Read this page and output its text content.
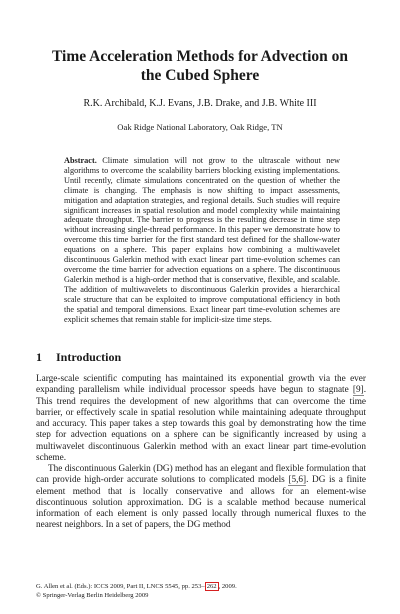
Time Acceleration Methods for Advection on
the Cubed Sphere
R.K. Archibald, K.J. Evans, J.B. Drake, and J.B. White III
Oak Ridge National Laboratory, Oak Ridge, TN
Abstract. Climate simulation will not grow to the ultrascale without new algorithms to overcome the scalability barriers blocking existing implementations. Until recently, climate simulations concentrated on the question of whether the climate is changing. The emphasis is now shifting to impact assessments, mitigation and adaptation strategies, and regional details. Such studies will require significant increases in spatial resolution and model complexity while maintaining adequate throughput. The barrier to progress is the resulting decrease in time step without increasing single-thread performance. In this paper we demonstrate how to overcome this time barrier for the first standard test defined for the shallow-water equations on a sphere. This paper explains how combining a multiwavelet discontinuous Galerkin method with exact linear part time-evolution schemes can overcome the time barrier for advection equations on a sphere. The discontinuous Galerkin method is a high-order method that is conservative, flexible, and scalable. The addition of multiwavelets to discontinuous Galerkin provides a hierarchical scale structure that can be exploited to improve computational efficiency in both the spatial and temporal dimensions. Exact linear part time-evolution schemes are explicit schemes that remain stable for implicit-size time steps.
1 Introduction

Large-scale scientific computing has maintained its exponential growth via the ever expanding parallelism while individual processor speeds have begun to stagnate [9]. This trend requires the development of new algorithms that can overcome the time barrier, or effectively scale in spatial resolution while maintaining adequate throughput and accuracy. This paper takes a step towards this goal by demonstrating how the time step for advection equations on a sphere can be significantly increased by using a multiwavelet discontinuous Galerkin method with an exact linear part time-evolution scheme.

The discontinuous Galerkin (DG) method has an elegant and flexible formulation that can provide high-order accurate solutions to complicated models [5,6]. DG is a finite element method that is locally conservative and allows for an element-wise discontinuous solution approximation. DG is a scalable method because numerical information of each element is only passed locally through numerical fluxes to the nearest neighbors. In a set of papers, the DG method

G. Allen et al. (Eds.): ICCS 2009, Part II, LNCS 5545, pp. 253– 262 , 2009.
© Springer-Verlag Berlin Heidelberg 2009
